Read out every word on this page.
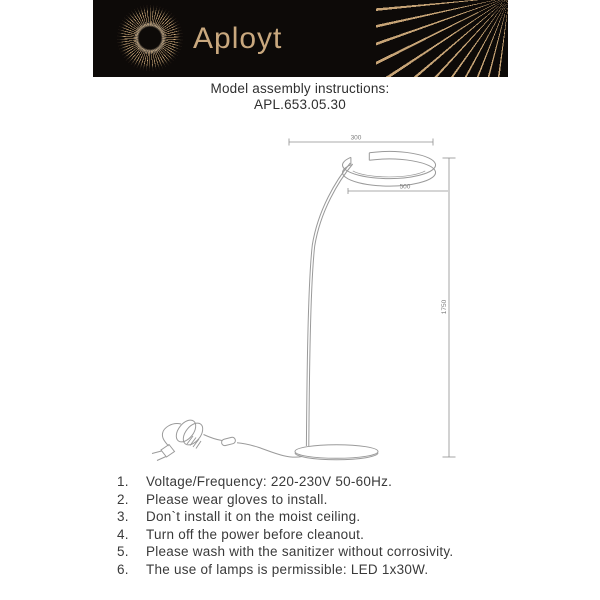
Aployt
Model assembly instructions:
APL.653.05.30
300
500
1750
1.	Voltage/Frequency: 220-230V 50-60Hz.
2.	Please wear gloves to install.
3.	Don`t install it on the moist ceiling.
4.	Turn off the power before cleanout.
5.	Please wash with the sanitizer without corrosivity.
6.	The use of lamps is permissible: LED 1x30W.
